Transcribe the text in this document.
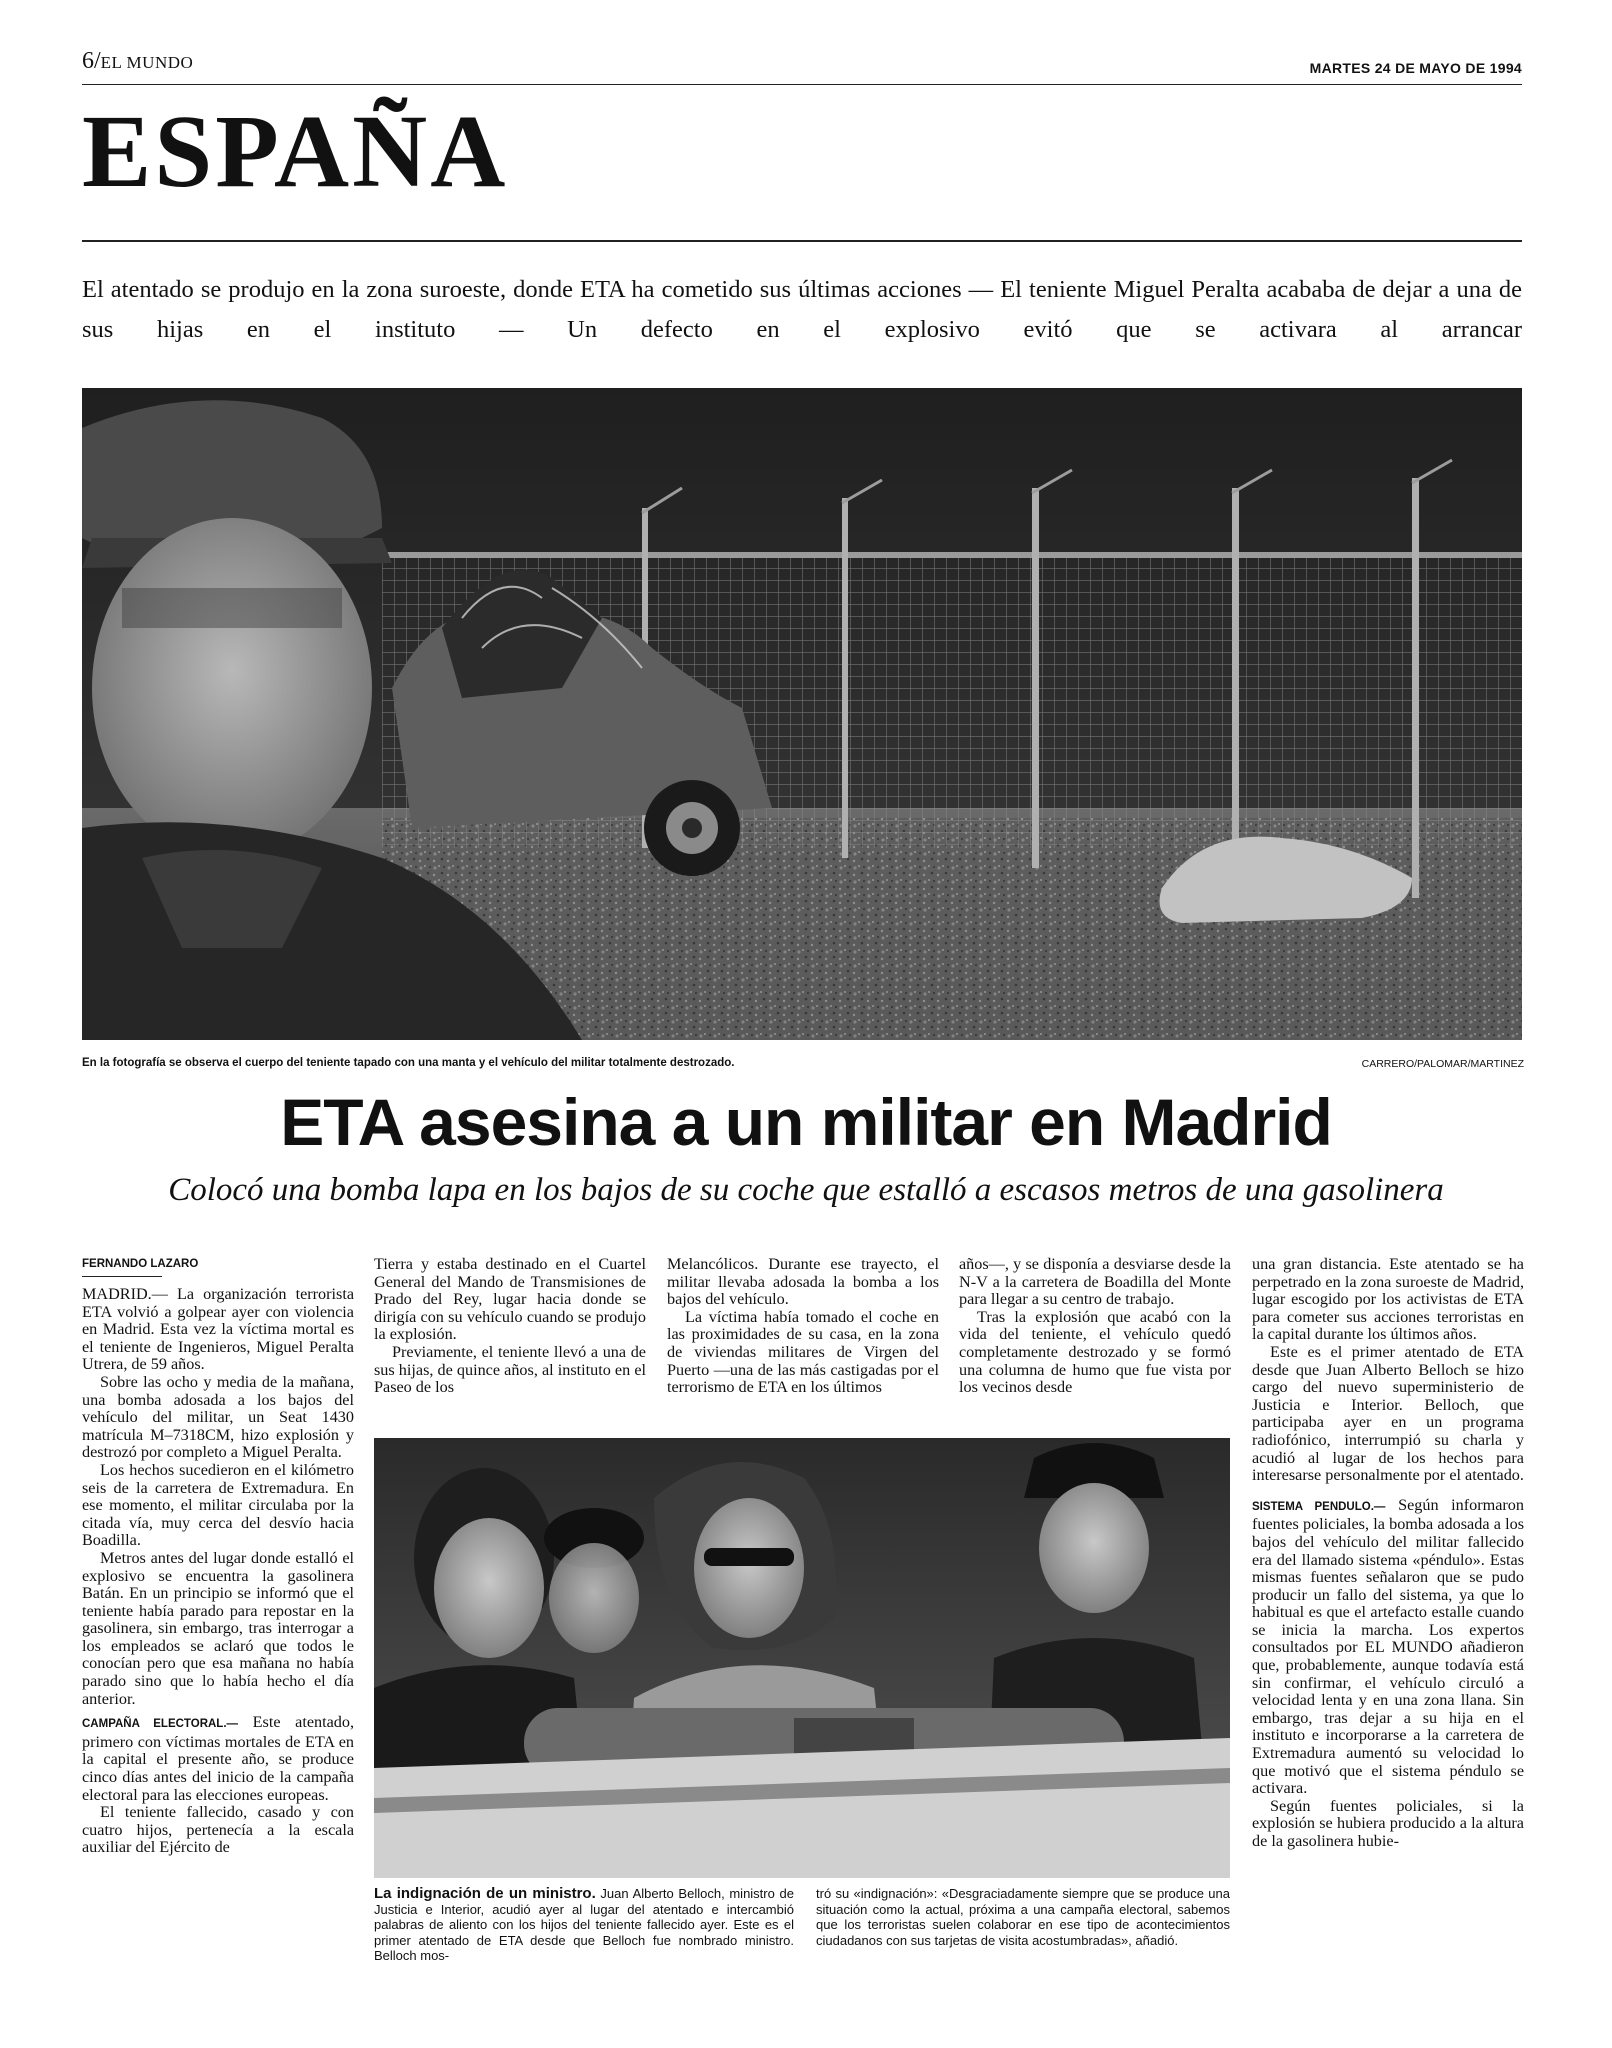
6/EL MUNDO	MARTES 24 DE MAYO DE 1994
ESPAÑA
El atentado se produjo en la zona suroeste, donde ETA ha cometido sus últimas acciones — El teniente Miguel Peralta acababa de dejar a una de sus hijas en el instituto — Un defecto en el explosivo evitó que se activara al arrancar
En la fotografía se observa el cuerpo del teniente tapado con una manta y el vehículo del militar totalmente destrozado.	CARRERO/PALOMAR/MARTINEZ
ETA asesina a un militar en Madrid
Colocó una bomba lapa en los bajos de su coche que estalló a escasos metros de una gasolinera
FERNANDO LAZARO

MADRID.— La organización terrorista ETA volvió a golpear ayer con violencia en Madrid. Esta vez la víctima mortal es el teniente de Ingenieros, Miguel Peralta Utrera, de 59 años.

Sobre las ocho y media de la mañana, una bomba adosada a los bajos del vehículo del militar, un Seat 1430 matrícula M–7318CM, hizo explosión y destrozó por completo a Miguel Peralta.

Los hechos sucedieron en el kilómetro seis de la carretera de Extremadura. En ese momento, el militar circulaba por la citada vía, muy cerca del desvío hacia Boadilla.

Metros antes del lugar donde estalló el explosivo se encuentra la gasolinera Batán. En un principio se informó que el teniente había parado para repostar en la gasolinera, sin embargo, tras interrogar a los empleados se aclaró que todos le conocían pero que esa mañana no había parado sino que lo había hecho el día anterior.

CAMPAÑA ELECTORAL.— Este atentado, primero con víctimas mortales de ETA en la capital el presente año, se produce cinco días antes del inicio de la campaña electoral para las elecciones europeas.

El teniente fallecido, casado y con cuatro hijos, pertenecía a la escala auxiliar del Ejército de

Tierra y estaba destinado en el Cuartel General del Mando de Transmisiones de Prado del Rey, lugar hacia donde se dirigía con su vehículo cuando se produjo la explosión.

Previamente, el teniente llevó a una de sus hijas, de quince años, al instituto en el Paseo de los

Melancólicos. Durante ese trayecto, el militar llevaba adosada la bomba a los bajos del vehículo.

La víctima había tomado el coche en las proximidades de su casa, en la zona de viviendas militares de Virgen del Puerto —una de las más castigadas por el terrorismo de ETA en los últimos

años—, y se disponía a desviarse desde la N-V a la carretera de Boadilla del Monte para llegar a su centro de trabajo.

Tras la explosión que acabó con la vida del teniente, el vehículo quedó completamente destrozado y se formó una columna de humo que fue vista por los vecinos desde

una gran distancia. Este atentado se ha perpetrado en la zona suroeste de Madrid, lugar escogido por los activistas de ETA para cometer sus acciones terroristas en la capital durante los últimos años.

Este es el primer atentado de ETA desde que Juan Alberto Belloch se hizo cargo del nuevo superministerio de Justicia e Interior. Belloch, que participaba ayer en un programa radiofónico, interrumpió su charla y acudió al lugar de los hechos para interesarse personalmente por el atentado.

SISTEMA PENDULO.— Según informaron fuentes policiales, la bomba adosada a los bajos del vehículo del militar fallecido era del llamado sistema «péndulo». Estas mismas fuentes señalaron que se pudo producir un fallo del sistema, ya que lo habitual es que el artefacto estalle cuando se inicia la marcha. Los expertos consultados por EL MUNDO añadieron que, probablemente, aunque todavía está sin confirmar, el vehículo circuló a velocidad lenta y en una zona llana. Sin embargo, tras dejar a su hija en el instituto e incorporarse a la carretera de Extremadura aumentó su velocidad lo que motivó que el sistema péndulo se activara.

Según fuentes policiales, si la explosión se hubiera producido a la altura de la gasolinera hubie-

La indignación de un ministro. Juan Alberto Belloch, ministro de Justicia e Interior, acudió ayer al lugar del atentado e intercambió palabras de aliento con los hijos del teniente fallecido ayer. Este es el primer atentado de ETA desde que Belloch fue nombrado ministro. Belloch mos-
tró su «indignación»: «Desgraciadamente siempre que se produce una situación como la actual, próxima a una campaña electoral, sabemos que los terroristas suelen colaborar en ese tipo de acontecimientos ciudadanos con sus tarjetas de visita acostumbradas», añadió.
